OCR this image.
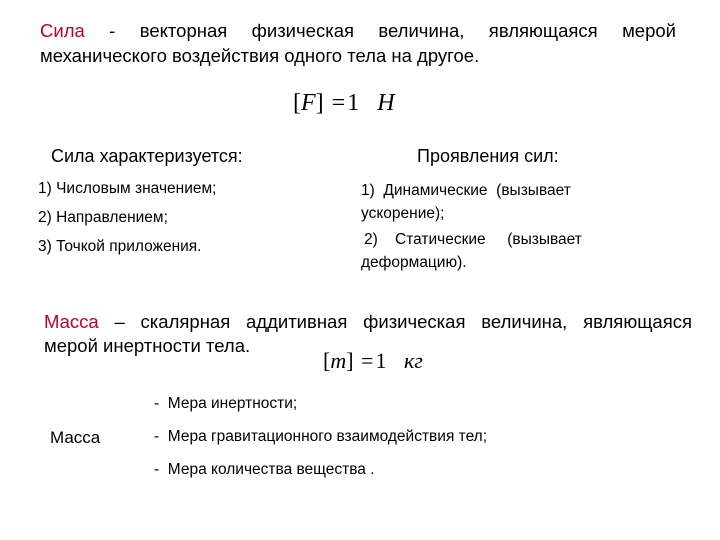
Сила - векторная физическая величина, являющаяся мерой
механического воздействия одного тела на другое.
[F] =1 Н
Сила характеризуется:	Проявления сил:
1) Числовым значением;
2) Направлением;
3) Точкой приложения.
1)  Динамические  (вызывает
ускорение);
2)    Статические     (вызывает
деформацию).
Масса – скалярная аддитивная физическая величина, являющаяся
мерой инертности тела.
[m] =1 кг
-  Мера инертности;
Масса	-  Мера гравитационного взаимодействия тел;
-  Мера количества вещества .
